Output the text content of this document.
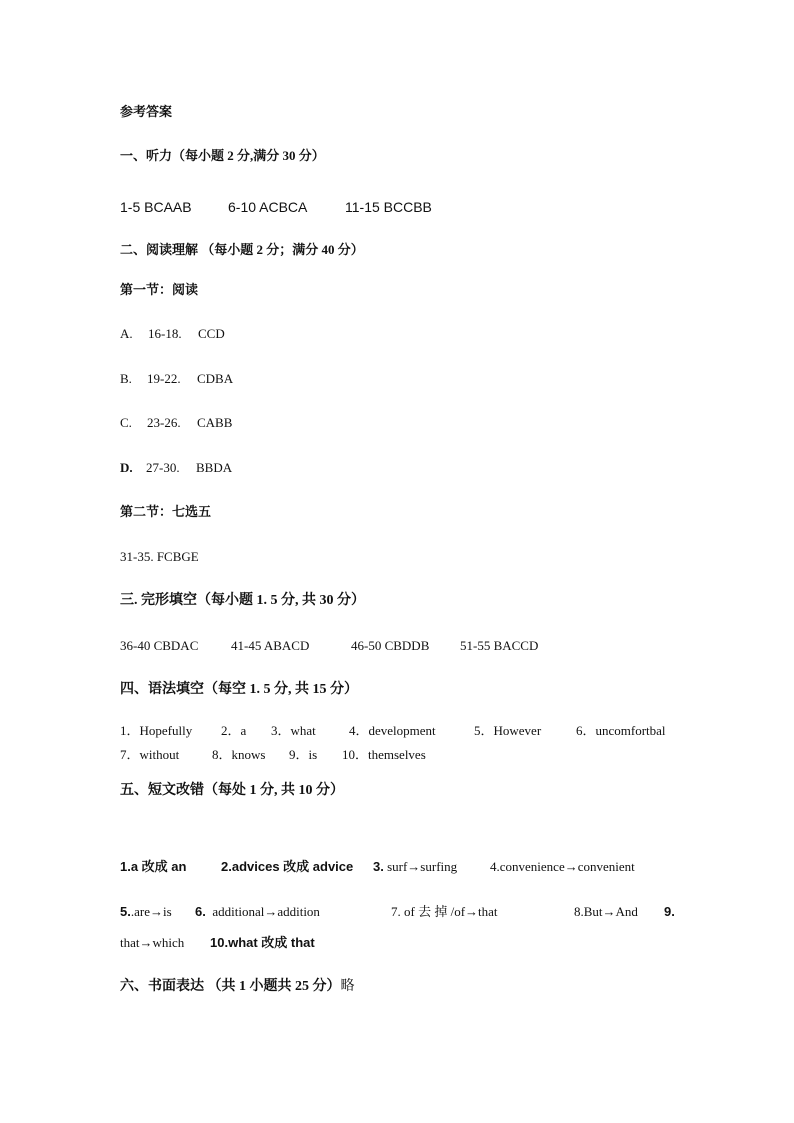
参考答案
一、听力（每小题 2 分,满分 30 分）
1-5 BCAAB	6-10 ACBCA	11-15 BCCBB
二、阅读理解 （每小题 2 分；满分 40 分）
第一节：阅读
A. 16-18. CCD
B. 19-22. CDBA
C. 23-26. CABB
D. 27-30. BBDA
第二节：七选五
31-35. FCBGE
三. 完形填空（每小题 1. 5 分, 共 30 分）
36-40 CBDAC	41-45 ABACD	46-50 CBDDB 51-55 BACCD
四、语法填空（每空 1. 5 分, 共 15 分）
1．Hopefully 2．a 3．what	4．development	5．However	6．uncomfortbal
7．without	8．knows 9．is 10．themselves
五、短文改错（每处 1 分, 共 10 分）
1.a 改成 an	2.advices 改成 advice 3. surf→surfing	4.convenience→convenient
5..are→is 6. additional→addition	7. of 去 掉 /of→that	8.But→And 9.
that→which 10.what 改成 that
六、书面表达 （共 1 小题共 25 分）略
